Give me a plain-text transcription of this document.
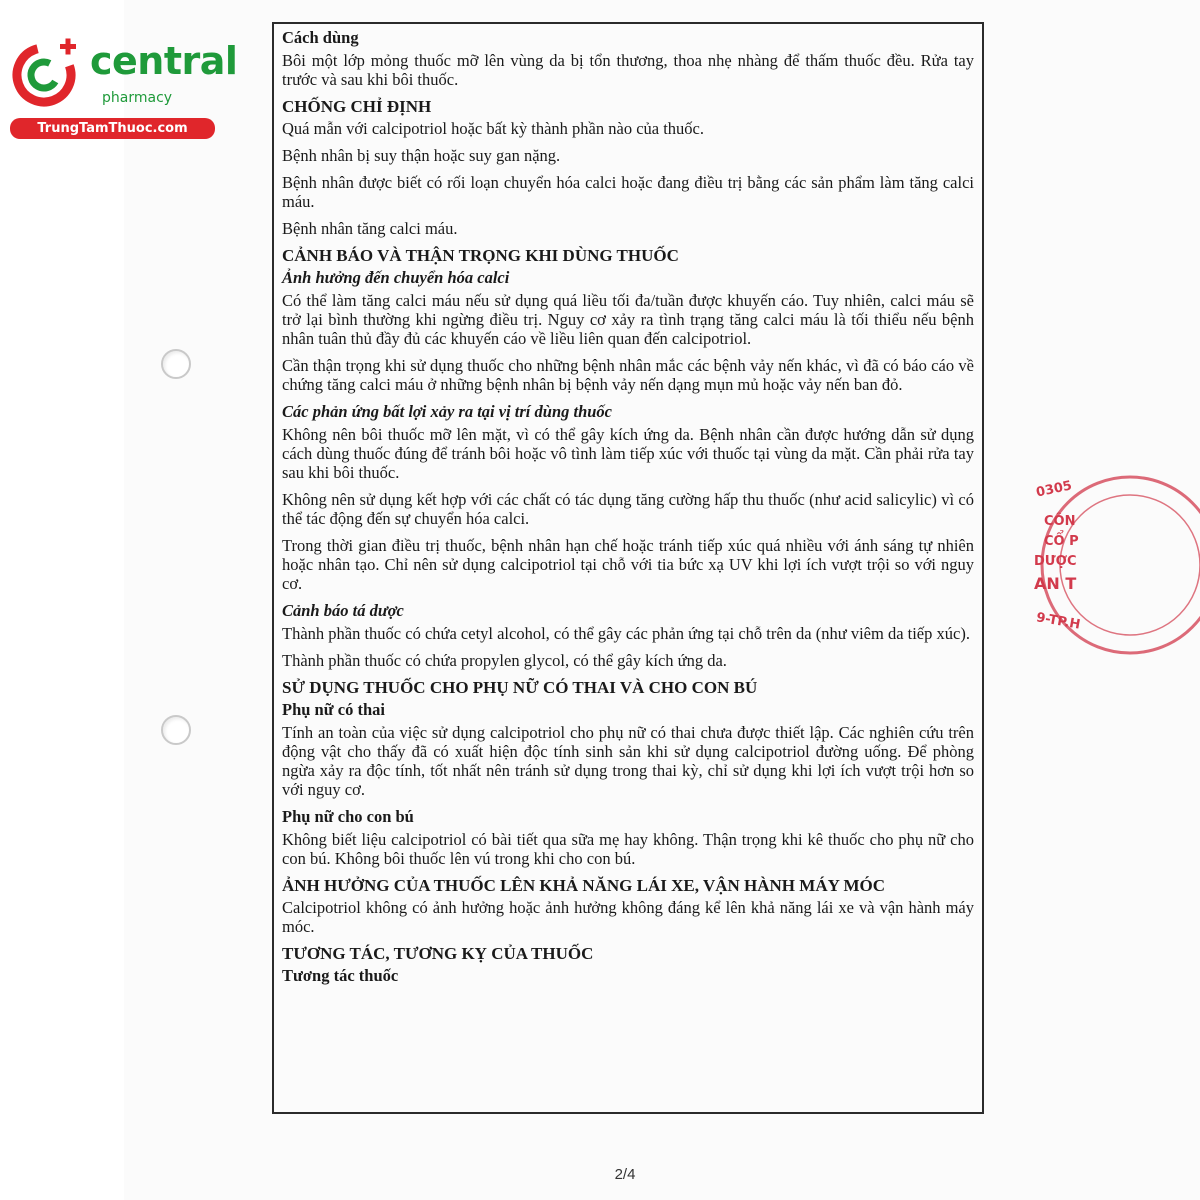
central
pharmacy
TrungTamThuoc.com
Cách dùng
Bôi một lớp mỏng thuốc mỡ lên vùng da bị tổn thương, thoa nhẹ nhàng để thấm thuốc đều. Rửa tay trước và sau khi bôi thuốc.
CHỐNG CHỈ ĐỊNH
Quá mẫn với calcipotriol hoặc bất kỳ thành phần nào của thuốc.
Bệnh nhân bị suy thận hoặc suy gan nặng.
Bệnh nhân được biết có rối loạn chuyển hóa calci hoặc đang điều trị bằng các sản phẩm làm tăng calci máu.
Bệnh nhân tăng calci máu.
CẢNH BÁO VÀ THẬN TRỌNG KHI DÙNG THUỐC
Ảnh hưởng đến chuyển hóa calci
Có thể làm tăng calci máu nếu sử dụng quá liều tối đa/tuần được khuyến cáo. Tuy nhiên, calci máu sẽ trở lại bình thường khi ngừng điều trị. Nguy cơ xảy ra tình trạng tăng calci máu là tối thiểu nếu bệnh nhân tuân thủ đầy đủ các khuyến cáo về liều liên quan đến calcipotriol.
Cần thận trọng khi sử dụng thuốc cho những bệnh nhân mắc các bệnh vảy nến khác, vì đã có báo cáo về chứng tăng calci máu ở những bệnh nhân bị bệnh vảy nến dạng mụn mủ hoặc vảy nến ban đỏ.
Các phản ứng bất lợi xảy ra tại vị trí dùng thuốc
Không nên bôi thuốc mỡ lên mặt, vì có thể gây kích ứng da. Bệnh nhân cần được hướng dẫn sử dụng cách dùng thuốc đúng để tránh bôi hoặc vô tình làm tiếp xúc với thuốc tại vùng da mặt. Cần phải rửa tay sau khi bôi thuốc.
Không nên sử dụng kết hợp với các chất có tác dụng tăng cường hấp thu thuốc (như acid salicylic) vì có thể tác động đến sự chuyển hóa calci.
Trong thời gian điều trị thuốc, bệnh nhân hạn chế hoặc tránh tiếp xúc quá nhiều với ánh sáng tự nhiên hoặc nhân tạo. Chỉ nên sử dụng calcipotriol tại chỗ với tia bức xạ UV khi lợi ích vượt trội so với nguy cơ.
Cảnh báo tá dược
Thành phần thuốc có chứa cetyl alcohol, có thể gây các phản ứng tại chỗ trên da (như viêm da tiếp xúc).
Thành phần thuốc có chứa propylen glycol, có thể gây kích ứng da.
SỬ DỤNG THUỐC CHO PHỤ NỮ CÓ THAI VÀ CHO CON BÚ
Phụ nữ có thai
Tính an toàn của việc sử dụng calcipotriol cho phụ nữ có thai chưa được thiết lập. Các nghiên cứu trên động vật cho thấy đã có xuất hiện độc tính sinh sản khi sử dụng calcipotriol đường uống. Để phòng ngừa xảy ra độc tính, tốt nhất nên tránh sử dụng trong thai kỳ, chỉ sử dụng khi lợi ích vượt trội hơn so với nguy cơ.
Phụ nữ cho con bú
Không biết liệu calcipotriol có bài tiết qua sữa mẹ hay không. Thận trọng khi kê thuốc cho phụ nữ cho con bú. Không bôi thuốc lên vú trong khi cho con bú.
ẢNH HƯỞNG CỦA THUỐC LÊN KHẢ NĂNG LÁI XE, VẬN HÀNH MÁY MÓC
Calcipotriol không có ảnh hưởng hoặc ảnh hưởng không đáng kể lên khả năng lái xe và vận hành máy móc.
TƯƠNG TÁC, TƯƠNG KỴ CỦA THUỐC
Tương tác thuốc
0305
CÔN
CỔ P
DƯỢC
AN T
9-TP.H
2/4
